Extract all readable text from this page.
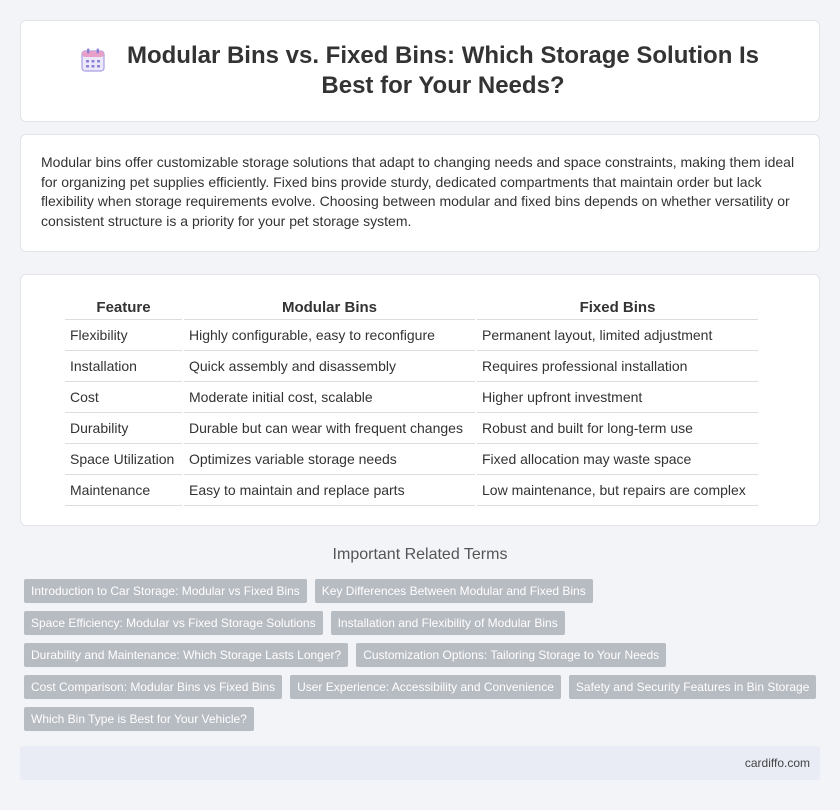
Modular Bins vs. Fixed Bins: Which Storage Solution Is Best for Your Needs?

Modular bins offer customizable storage solutions that adapt to changing needs and space constraints, making them ideal for organizing pet supplies efficiently. Fixed bins provide sturdy, dedicated compartments that maintain order but lack flexibility when storage requirements evolve. Choosing between modular and fixed bins depends on whether versatility or consistent structure is a priority for your pet storage system.

Feature	Modular Bins	Fixed Bins
Flexibility	Highly configurable, easy to reconfigure	Permanent layout, limited adjustment
Installation	Quick assembly and disassembly	Requires professional installation
Cost	Moderate initial cost, scalable	Higher upfront investment
Durability	Durable but can wear with frequent changes	Robust and built for long-term use
Space Utilization	Optimizes variable storage needs	Fixed allocation may waste space
Maintenance	Easy to maintain and replace parts	Low maintenance, but repairs are complex
Important Related Terms
Introduction to Car Storage: Modular vs Fixed Bins	Key Differences Between Modular and Fixed Bins
Space Efficiency: Modular vs Fixed Storage Solutions	Installation and Flexibility of Modular Bins
Durability and Maintenance: Which Storage Lasts Longer?	Customization Options: Tailoring Storage to Your Needs
Cost Comparison: Modular Bins vs Fixed Bins	User Experience: Accessibility and Convenience	Safety and Security Features in Bin Storage
Which Bin Type is Best for Your Vehicle?
cardiffo.com
